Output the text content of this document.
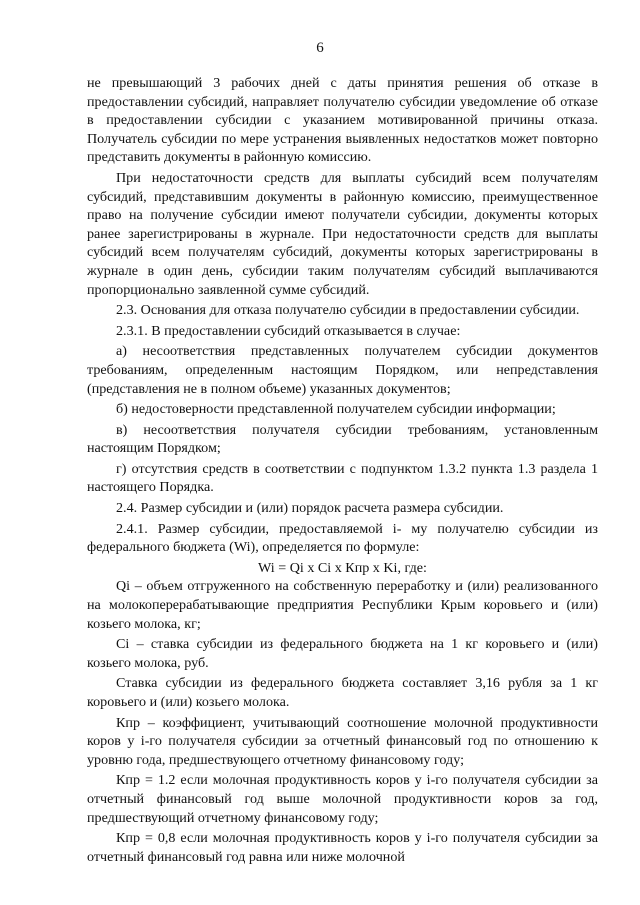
6

не превышающий 3 рабочих дней с даты принятия решения об отказе в предоставлении субсидий, направляет получателю субсидии уведомление об отказе в предоставлении субсидии с указанием мотивированной причины отказа. Получатель субсидии по мере устранения выявленных недостатков может повторно представить документы в районную комиссию.

При недостаточности средств для выплаты субсидий всем получателям субсидий, представившим документы в районную комиссию, преимущественное право на получение субсидии имеют получатели субсидии, документы которых ранее зарегистрированы в журнале. При недостаточности средств для выплаты субсидий всем получателям субсидий, документы которых зарегистрированы в журнале в один день, субсидии таким получателям субсидий выплачиваются пропорционально заявленной сумме субсидий.

2.3. Основания для отказа получателю субсидии в предоставлении субсидии.

2.3.1. В предоставлении субсидий отказывается в случае:

а) несоответствия представленных получателем субсидии документов требованиям, определенным настоящим Порядком, или непредставления (представления не в полном объеме) указанных документов;

б) недостоверности представленной получателем субсидии информации;

в) несоответствия получателя субсидии требованиям, установленным настоящим Порядком;

г) отсутствия средств в соответствии с подпунктом 1.3.2 пункта 1.3 раздела 1 настоящего Порядка.

2.4. Размер субсидии и (или) порядок расчета размера субсидии.

2.4.1. Размер субсидии, предоставляемой i- му получателю субсидии из федерального бюджета (Wi), определяется по формуле:

Wi = Qi x Ci x Кпр x Ki, где:

Qi – объем отгруженного на собственную переработку и (или) реализованного на молокоперерабатывающие предприятия Республики Крым коровьего и (или) козьего молока, кг;

Ci – ставка субсидии из федерального бюджета на 1 кг коровьего и (или) козьего молока, руб.

Ставка субсидии из федерального бюджета составляет 3,16 рубля за 1 кг коровьего и (или) козьего молока.

Кпр – коэффициент, учитывающий соотношение молочной продуктивности коров у i-го получателя субсидии за отчетный финансовый год по отношению к уровню года, предшествующего отчетному финансовому году;

Кпр = 1.2 если молочная продуктивность коров у i-го получателя субсидии за отчетный финансовый год выше молочной продуктивности коров за год, предшествующий отчетному финансовому году;

Кпр = 0,8 если молочная продуктивность коров у i-го получателя субсидии за отчетный финансовый год равна или ниже молочной
